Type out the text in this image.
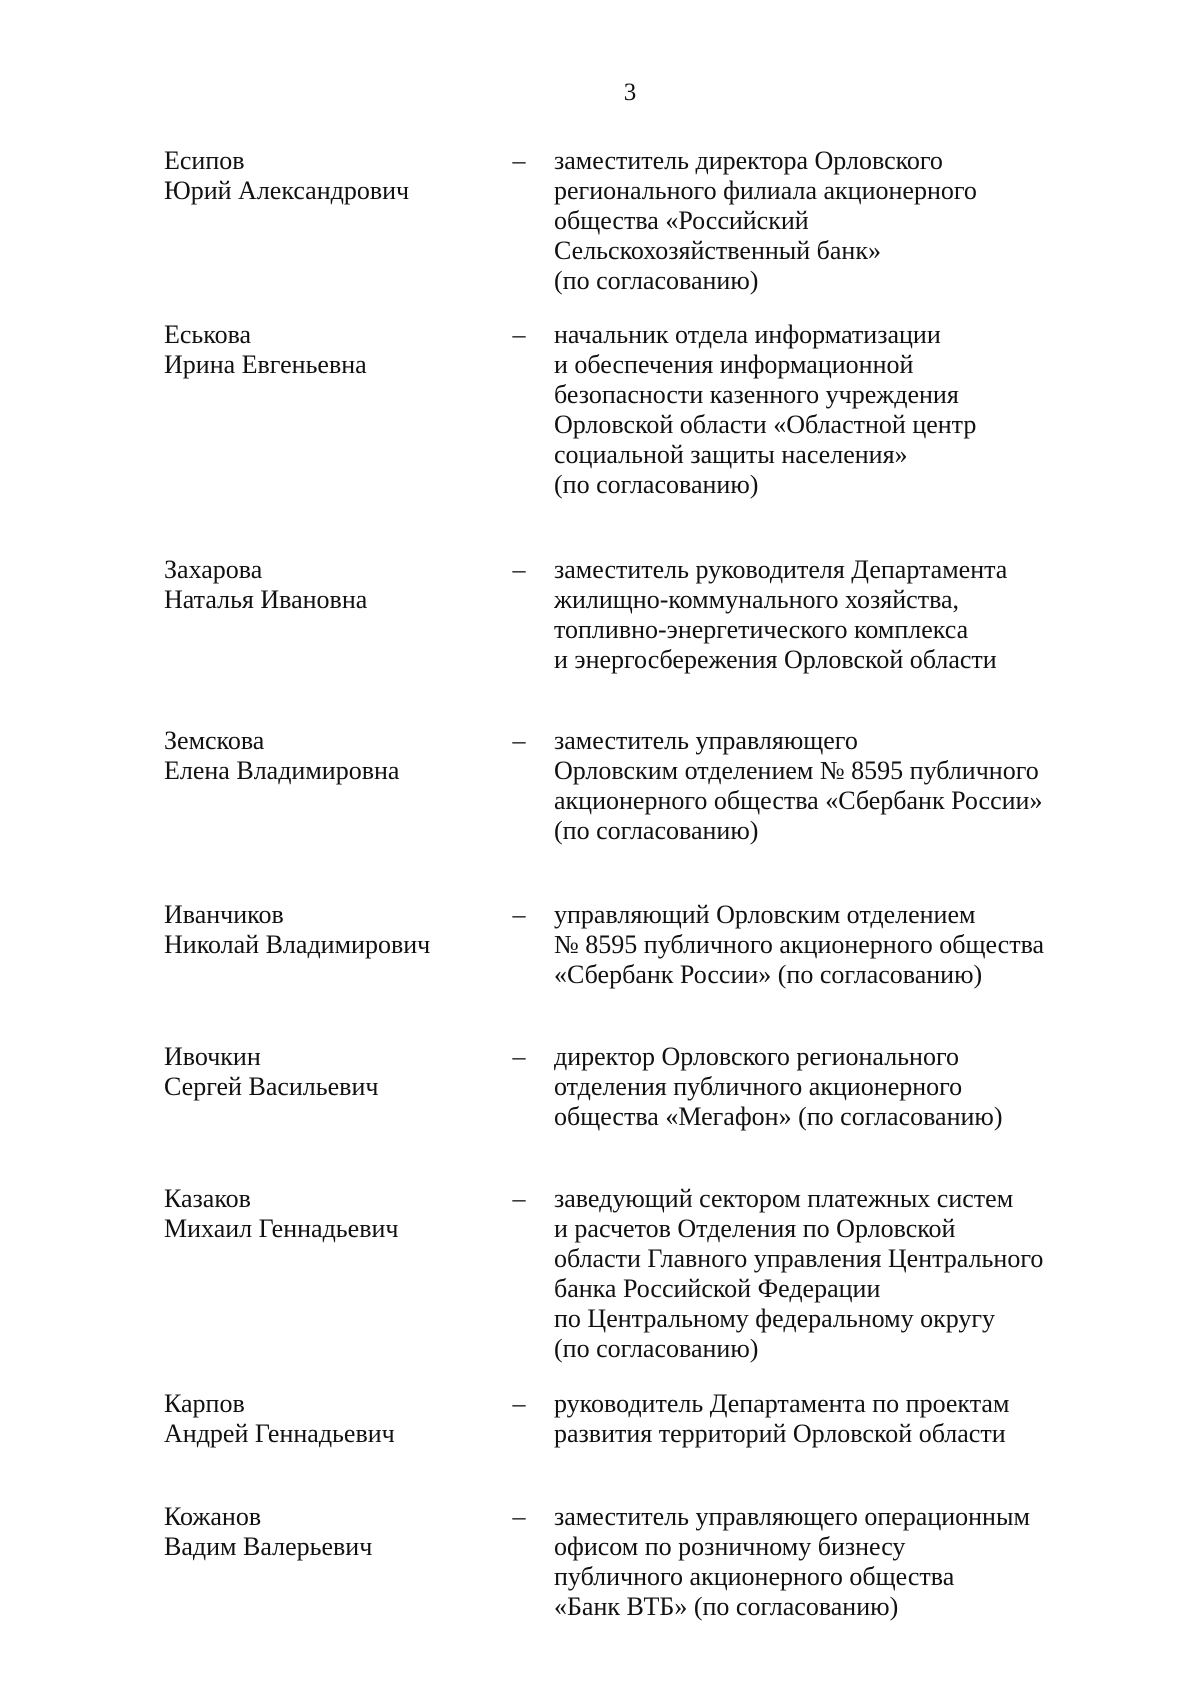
3
Есипов
Юрий Александрович
– заместитель директора Орловского
регионального филиала акционерного
общества «Российский
Сельскохозяйственный банк»
(по согласованию)
Еськова
Ирина Евгеньевна
– начальник отдела информатизации
и обеспечения информационной
безопасности казенного учреждения
Орловской области «Областной центр
социальной защиты населения»
(по согласованию)
Захарова
Наталья Ивановна
– заместитель руководителя Департамента
жилищно-коммунального хозяйства,
топливно-энергетического комплекса
и энергосбережения Орловской области
Земскова
Елена Владимировна
– заместитель управляющего
Орловским отделением № 8595 публичного
акционерного общества «Сбербанк России»
(по согласованию)
Иванчиков
Николай Владимирович
– управляющий Орловским отделением
№ 8595 публичного акционерного общества
«Сбербанк России» (по согласованию)
Ивочкин
Сергей Васильевич
– директор Орловского регионального
отделения публичного акционерного
общества «Мегафон» (по согласованию)
Казаков
Михаил Геннадьевич
– заведующий сектором платежных систем
и расчетов Отделения по Орловской
области Главного управления Центрального
банка Российской Федерации
по Центральному федеральному округу
(по согласованию)
Карпов
Андрей Геннадьевич
– руководитель Департамента по проектам
развития территорий Орловской области
Кожанов
Вадим Валерьевич
– заместитель управляющего операционным
офисом по розничному бизнесу
публичного акционерного общества
«Банк ВТБ» (по согласованию)
